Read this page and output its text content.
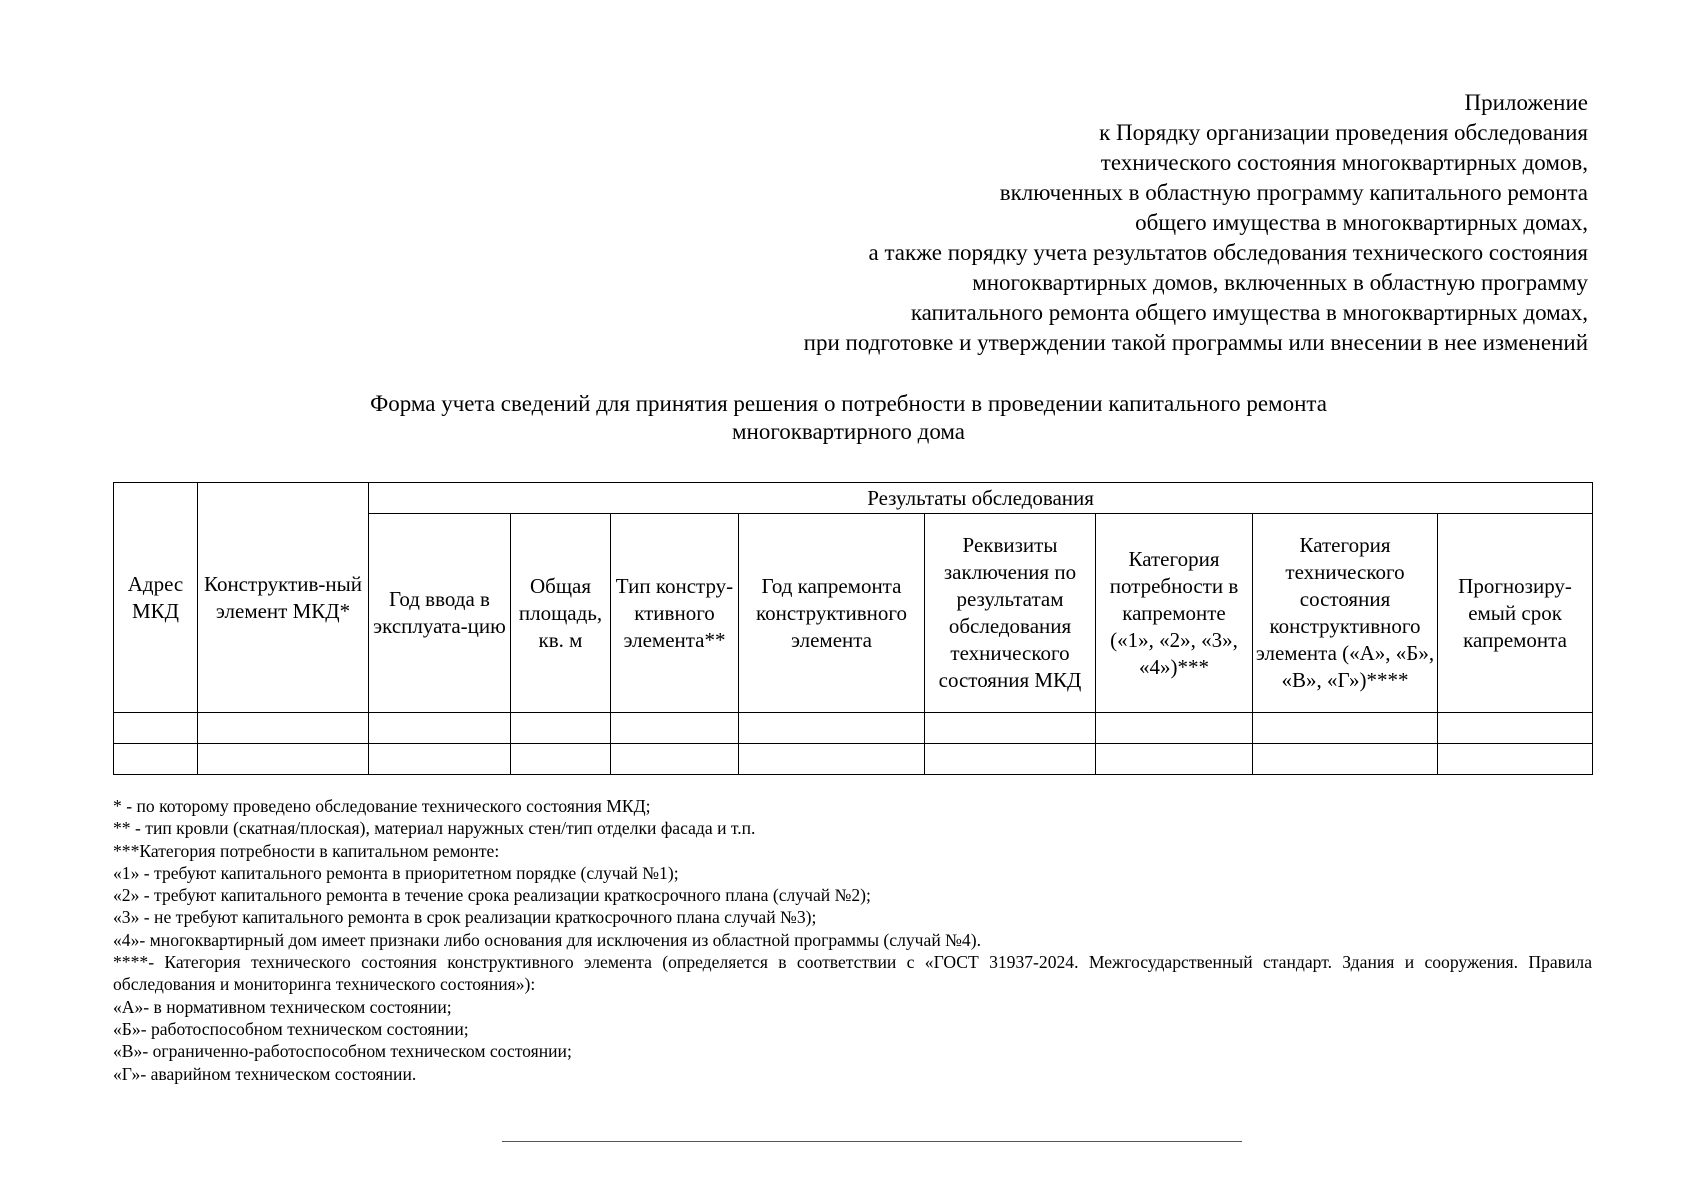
Приложение
к Порядку организации проведения обследования
технического состояния многоквартирных домов,
включенных в областную программу капитального ремонта
общего имущества в многоквартирных домах,
а также порядку учета результатов обследования технического состояния
многоквартирных домов, включенных в областную программу
капитального ремонта общего имущества в многоквартирных домах,
при подготовке и утверждении такой программы или внесении в нее изменений
Форма учета сведений для принятия решения о потребности в проведении капитального ремонта
многоквартирного дома
Адрес МКД	Конструктив-ный элемент МКД*	Результаты обследования							
		Год ввода в эксплуата-цию	Общая площадь, кв. м	Тип констру-ктивного элемента**	Год капремонта конструктивного элемента	Реквизиты заключения по результатам обследования технического состояния МКД	Категория потребности в капремонте («1», «2», «3», «4»)***	Категория технического состояния конструктивного элемента («А», «Б», «В», «Г»)****	Прогнозиру-емый срок капремонта

* - по которому проведено обследование технического состояния МКД;
** - тип кровли (скатная/плоская), материал наружных стен/тип отделки фасада и т.п.
***Категория потребности в капитальном ремонте:
«1» - требуют капитального ремонта в приоритетном порядке (случай №1);
«2» - требуют капитального ремонта в течение срока реализации краткосрочного плана (случай №2);
«3» - не требуют капитального ремонта в срок реализации краткосрочного плана случай №3);
«4»- многоквартирный дом имеет признаки либо основания для исключения из областной программы (случай №4).
****- Категория технического состояния конструктивного элемента (определяется в соответствии с «ГОСТ 31937-2024. Межгосударственный стандарт. Здания и сооружения. Правила обследования и мониторинга технического состояния»):
«А»- в нормативном техническом состоянии;
«Б»- работоспособном техническом состоянии;
«В»- ограниченно-работоспособном техническом состоянии;
«Г»- аварийном техническом состоянии.
